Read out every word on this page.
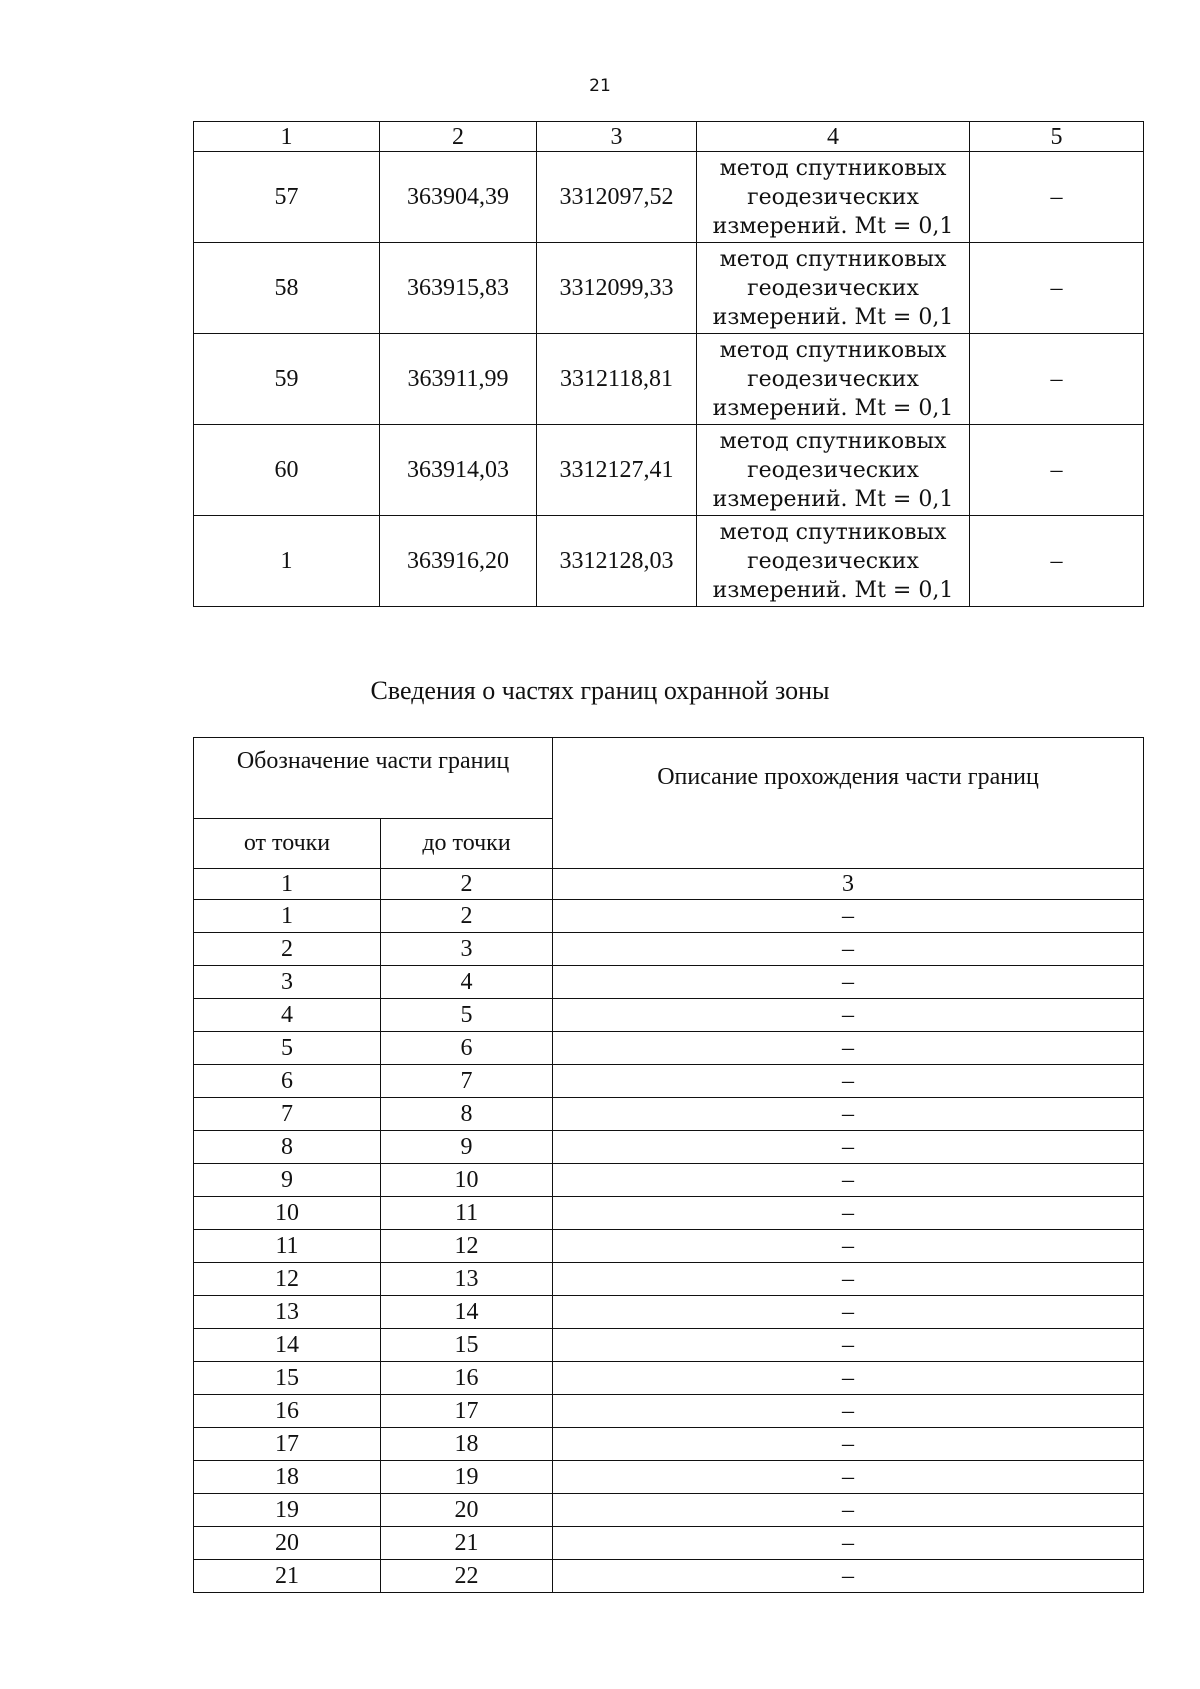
21
1	2	3	4	5
57	363904,39	3312097,52	метод спутниковых
геодезических
измерений. Mt = 0,1	–
58	363915,83	3312099,33	метод спутниковых
геодезических
измерений. Mt = 0,1	–
59	363911,99	3312118,81	метод спутниковых
геодезических
измерений. Mt = 0,1	–
60	363914,03	3312127,41	метод спутниковых
геодезических
измерений. Mt = 0,1	–
1	363916,20	3312128,03	метод спутниковых
геодезических
измерений. Mt = 0,1	–
Сведения о частях границ охранной зоны
Обозначение части границ		Описание прохождения части границ
от точки	до точки	
1	2	3
1	2	–
2	3	–
3	4	–
4	5	–
5	6	–
6	7	–
7	8	–
8	9	–
9	10	–
10	11	–
11	12	–
12	13	–
13	14	–
14	15	–
15	16	–
16	17	–
17	18	–
18	19	–
19	20	–
20	21	–
21	22	–
